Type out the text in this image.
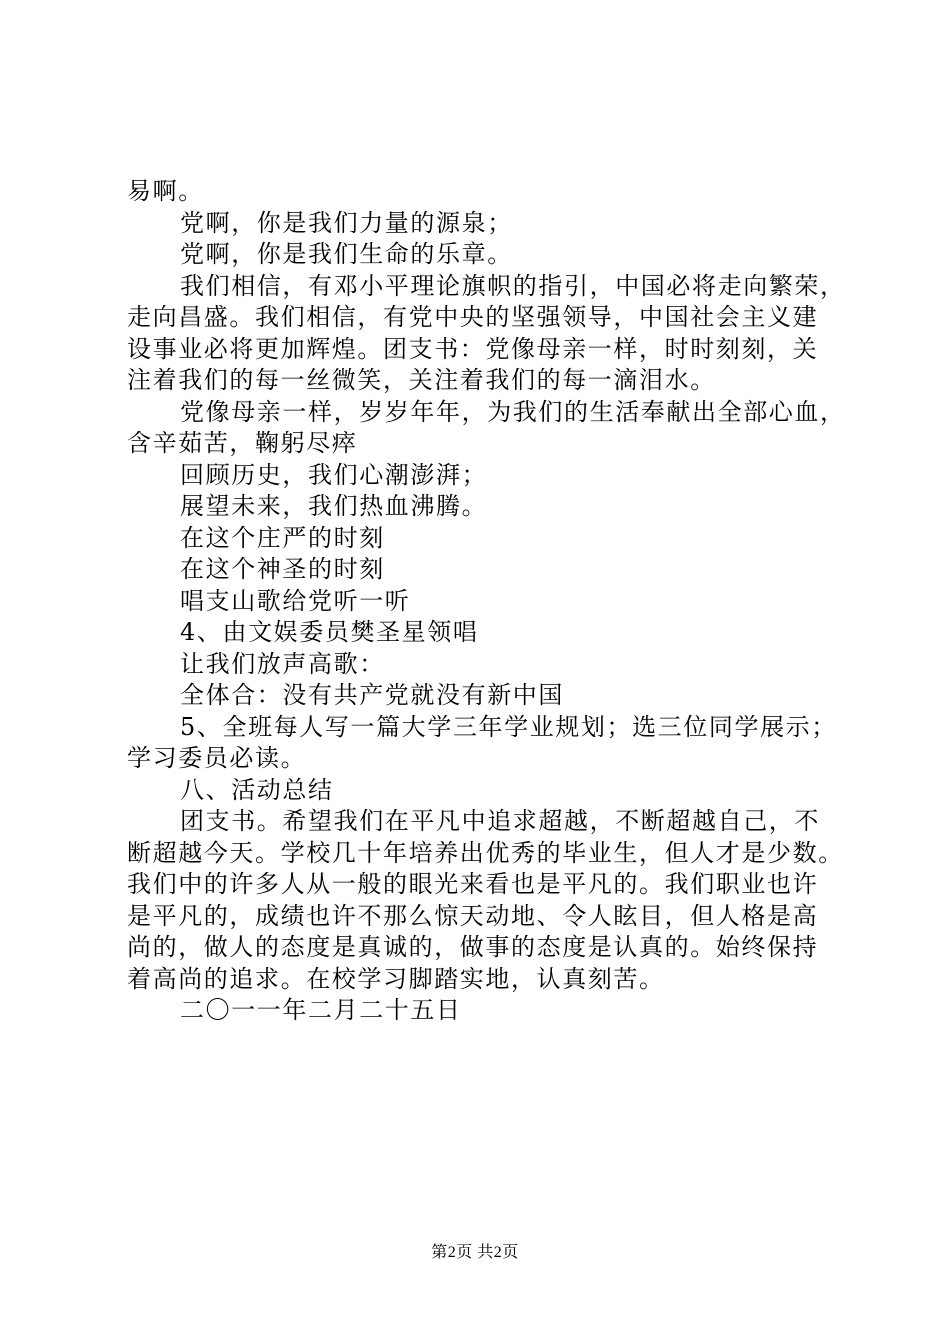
易啊。
党啊，你是我们力量的源泉；
党啊，你是我们生命的乐章。
我们相信，有邓小平理论旗帜的指引，中国必将走向繁荣，
走向昌盛。我们相信，有党中央的坚强领导，中国社会主义建
设事业必将更加辉煌。团支书：党像母亲一样，时时刻刻，关
注着我们的每一丝微笑，关注着我们的每一滴泪水。
党像母亲一样，岁岁年年，为我们的生活奉献出全部心血，
含辛茹苦，鞠躬尽瘁
回顾历史，我们心潮澎湃；
展望未来，我们热血沸腾。
在这个庄严的时刻
在这个神圣的时刻
唱支山歌给党听一听
4、由文娱委员樊圣星领唱
让我们放声高歌：
全体合：没有共产党就没有新中国
5、全班每人写一篇大学三年学业规划；选三位同学展示；
学习委员必读。
八、活动总结
团支书。希望我们在平凡中追求超越，不断超越自己，不
断超越今天。学校几十年培养出优秀的毕业生，但人才是少数。
我们中的许多人从一般的眼光来看也是平凡的。我们职业也许
是平凡的，成绩也许不那么惊天动地、令人眩目，但人格是高
尚的，做人的态度是真诚的，做事的态度是认真的。始终保持
着高尚的追求。在校学习脚踏实地，认真刻苦。
二〇一一年二月二十五日
第2页 共2页
